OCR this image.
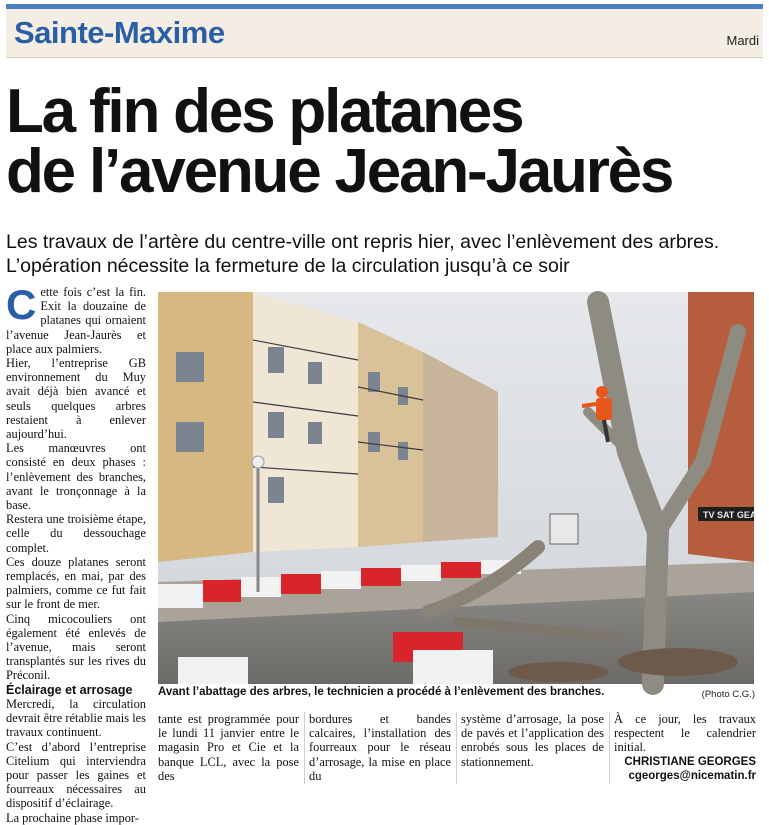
Sainte-Maxime	Mardi
La fin des platanes
de l’avenue Jean-Jaurès
Les travaux de l’artère du centre-ville ont repris hier, avec l’enlèvement des arbres. L’opération nécessite la fermeture de la circulation jusqu’à ce soir

Cette fois c’est la fin. Exit la douzaine de platanes qui ornaient l’avenue Jean-Jaurès et place aux palmiers.

Hier, l’entreprise GB environnement du Muy avait déjà bien avancé et seuls quelques arbres restaient à enlever aujourd’hui.

Les manœuvres ont consisté en deux phases : l’enlèvement des branches, avant le tronçonnage à la base.

Restera une troisième étape, celle du dessouchage complet.

Ces douze platanes seront remplacés, en mai, par des palmiers, comme ce fut fait sur le front de mer.

Cinq micocouliers ont également été enlevés de l’avenue, mais seront transplantés sur les rives du Préconil.

Éclairage et arrosage

Mercredi, la circulation devrait être rétablie mais les travaux continuent.

C’est d’abord l’entreprise Citelium qui interviendra pour passer les gaines et fourreaux nécessaires au dispositif d’éclairage.

La prochaine phase impor-

TV SAT GEA
Avant l’abattage des arbres, le technicien a procédé à l’enlèvement des branches.	(Photo C.G.)
tante est programmée pour le lundi 11 janvier entre le magasin Pro et Cie et la banque LCL, avec la pose des
bordures et bandes calcaires, l’installation des fourreaux pour le réseau d’arrosage, la mise en place du
système d’arrosage, la pose de pavés et l’application des enrobés sous les places de stationnement.

À ce jour, les travaux respectent le calendrier initial.

CHRISTIANE GEORGES

cgeorges@nicematin.fr
